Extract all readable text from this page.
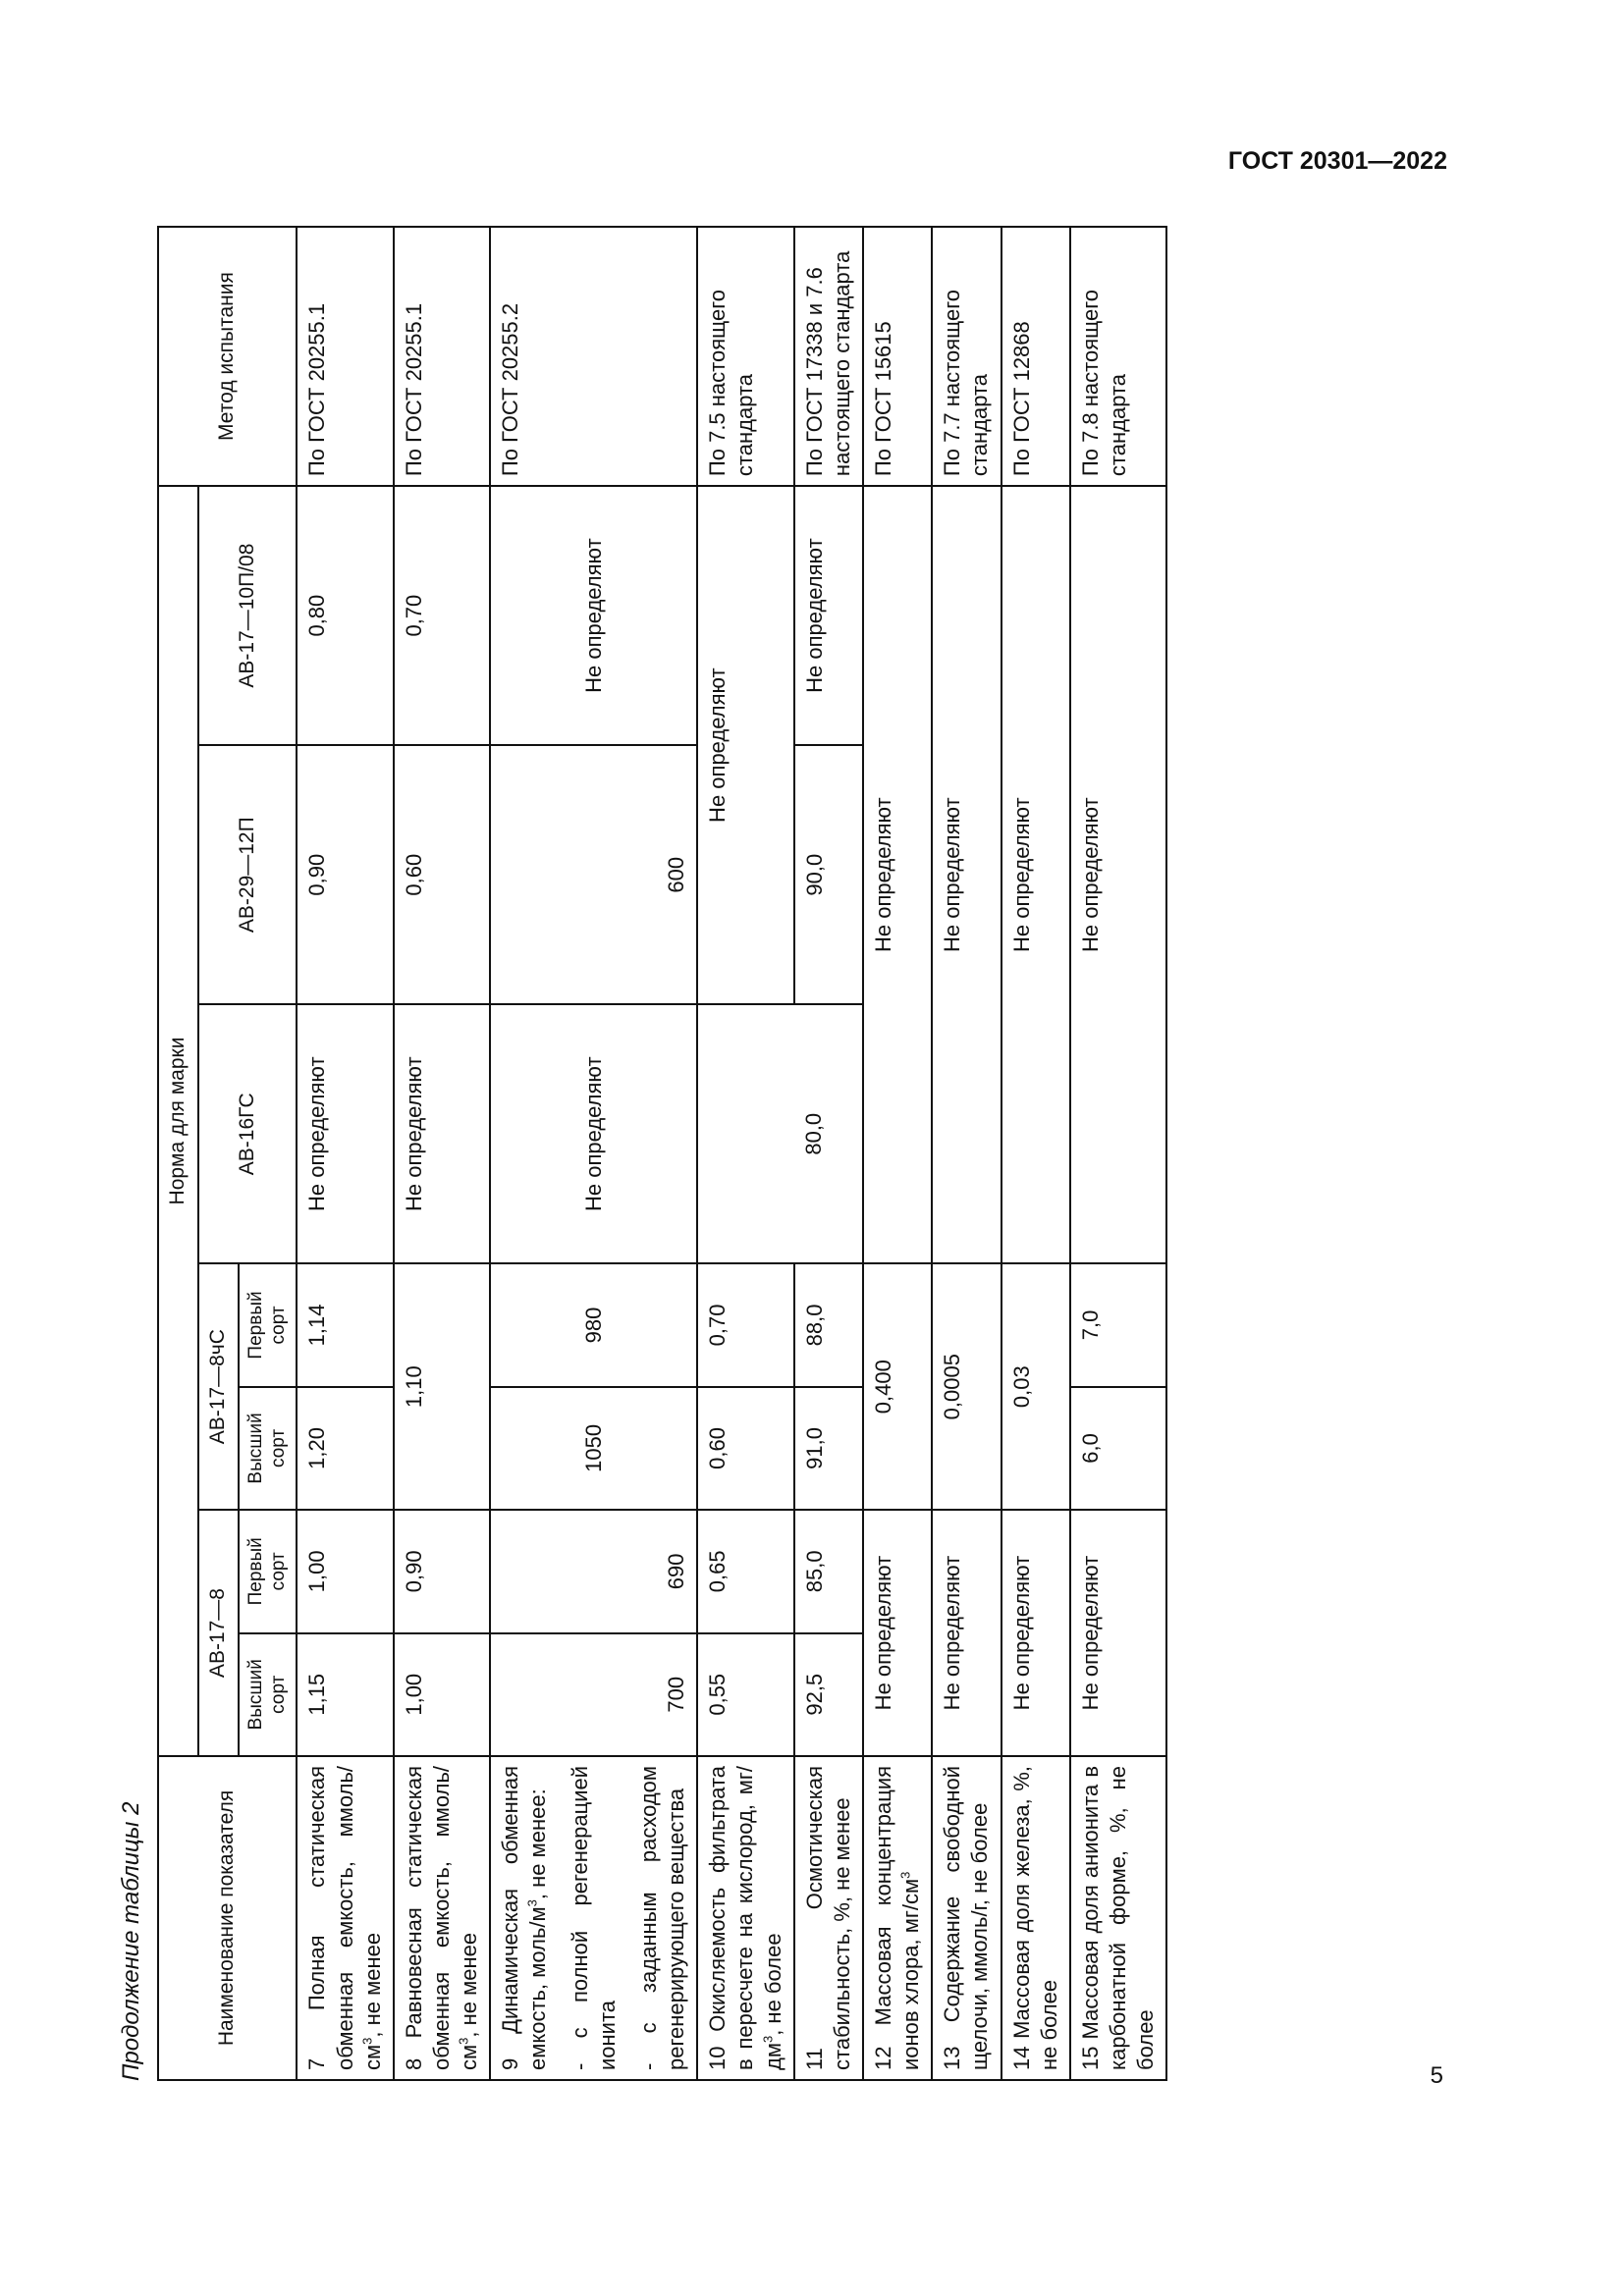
ГОСТ 20301—2022
Продолжение таблицы 2	Наименование показателя	Норма для марки							Метод испытания
	АВ-17—8		АВ-17—8чС		АВ-16ГС	АВ-29—12П	АВ-17—10П/08	
	Высший сорт	Первый сорт	Высший сорт	Первый сорт				
7 Полная статическая обменная емкость, ммоль/$см^3$, не менее	1,15	1,00	1,20	1,14	Не определяют	0,90	0,80	По ГОСТ 20255.1
8 Равновесная статическая обменная емкость, ммоль/$см^3$, не менее	1,00	0,90	1,10		Не определяют	0,60	0,70	По ГОСТ 20255.1

9 Динамическая обменная емкость, моль/$м^3$, не менее: - с полной регенерацией ионита - с заданным расходом регенерирующего вещества	700	690	1050	980	Не определяют	600	Не определяют	По ГОСТ 20255.2
10 Окисляемость фильтрата в пересчете на кислород, $мг/дм^3$, не более	0,55	0,65	0,60	0,70		Не определяют		По 7.5 настоящего стандарта
11 Осмотическая стабильность, %, не менее	92,5	85,0	91,0	88,0	80,0	90,0	Не определяют	По ГОСТ 17338 и 7.6 настоящего стандарта
12 Массовая концентрация ионов хлора, $мг/см^3$	Не определяют		0,400		Не определяют			По ГОСТ 15615
13 Содержание свободной щелочи, ммоль/г, не более	Не определяют		0,0005		Не определяют			По 7.7 настоящего стандарта
14 Массовая доля железа, %, не более	Не определяют		0,03		Не определяют			По ГОСТ 12868
15 Массовая доля анионита в карбонатной форме, %, не более	Не определяют		6,0	7,0	Не определяют			По 7.8 настоящего стандарта
5
